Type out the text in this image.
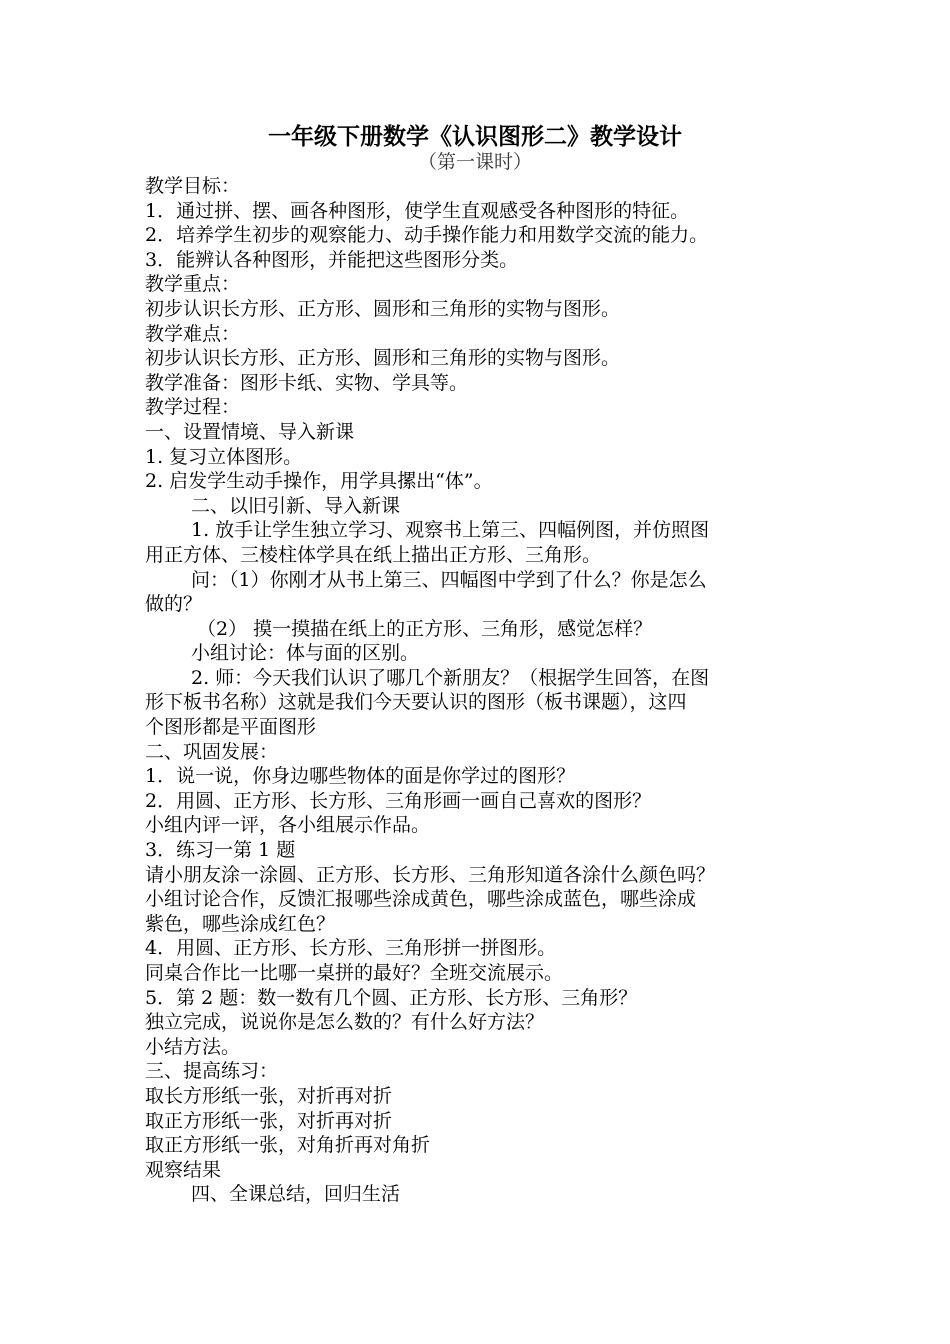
一年级下册数学《认识图形二》教学设计
（第一课时）
教学目标：
1．通过拼、摆、画各种图形，使学生直观感受各种图形的特征。
2．培养学生初步的观察能力、动手操作能力和用数学交流的能力。
3．能辨认各种图形，并能把这些图形分类。
教学重点：
初步认识长方形、正方形、圆形和三角形的实物与图形。
教学难点：
初步认识长方形、正方形、圆形和三角形的实物与图形。
教学准备：图形卡纸、实物、学具等。
教学过程：
一、设置情境、导入新课
1. 复习立体图形。
2. 启发学生动手操作，用学具摞出“体”。
二、以旧引新、导入新课
1. 放手让学生独立学习、观察书上第三、四幅例图，并仿照图
用正方体、三棱柱体学具在纸上描出正方形、三角形。
问：（1）你刚才从书上第三、四幅图中学到了什么？你是怎么
做的？
（2） 摸一摸描在纸上的正方形、三角形，感觉怎样？
小组讨论：体与面的区别。
2. 师：今天我们认识了哪几个新朋友？（根据学生回答，在图
形下板书名称）这就是我们今天要认识的图形（板书课题），这四
个图形都是平面图形
二、巩固发展：
1．说一说，你身边哪些物体的面是你学过的图形？
2．用圆、正方形、长方形、三角形画一画自己喜欢的图形？
小组内评一评，各小组展示作品。
3．练习一第 1 题
请小朋友涂一涂圆、正方形、长方形、三角形知道各涂什么颜色吗？
小组讨论合作，反馈汇报哪些涂成黄色，哪些涂成蓝色，哪些涂成
紫色，哪些涂成红色？
4．用圆、正方形、长方形、三角形拼一拼图形。
同桌合作比一比哪一桌拼的最好？全班交流展示。
5．第 2 题：数一数有几个圆、正方形、长方形、三角形？
独立完成，说说你是怎么数的？有什么好方法？
小结方法。
三、提高练习：
取长方形纸一张，对折再对折
取正方形纸一张，对折再对折
取正方形纸一张，对角折再对角折
观察结果
四、全课总结，回归生活
